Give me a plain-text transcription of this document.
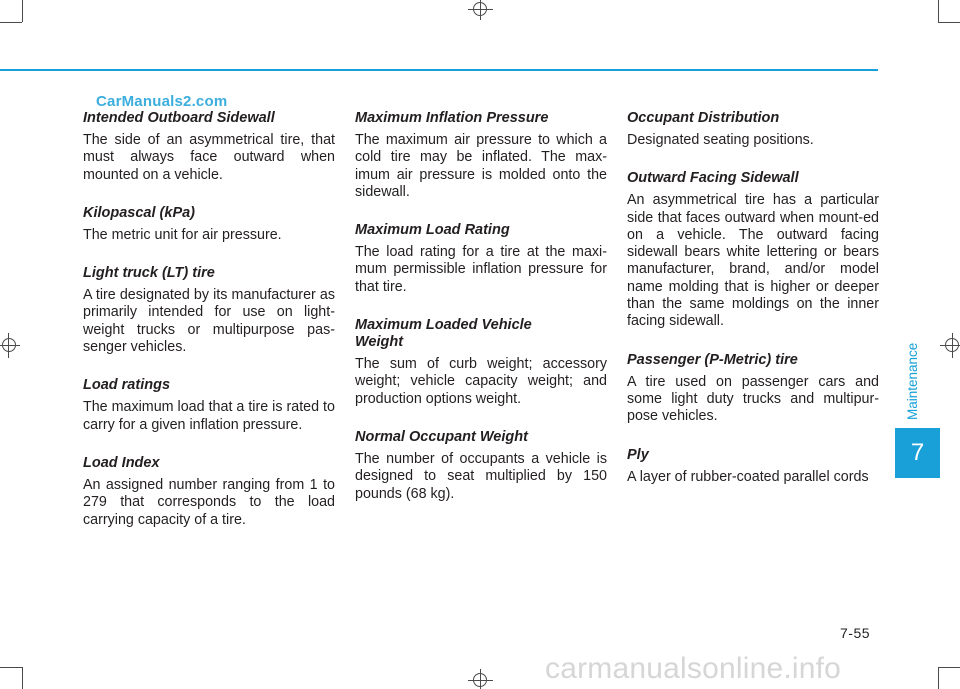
CarManuals2.com
Intended Outboard Sidewall
The side of an asymmetrical tire, that must always face outward when mounted on a vehicle.
Kilopascal (kPa)
The metric unit for air pressure.
Light truck (LT) tire
A tire designated by its manufacturer as primarily intended for use on light-weight trucks or multipurpose pas-senger vehicles.
Load ratings
The maximum load that a tire is rated to carry for a given inflation pressure.
Load Index
An assigned number ranging from 1 to 279 that corresponds to the load carrying capacity of a tire.
Maximum Inflation Pressure
The maximum air pressure to which a cold tire may be inflated. The max-imum air pressure is molded onto the sidewall.
Maximum Load Rating
The load rating for a tire at the maxi-mum permissible inflation pressure for that tire.
Maximum Loaded Vehicle Weight
The sum of curb weight; accessory weight; vehicle capacity weight; and production options weight.
Normal Occupant Weight
The number of occupants a vehicle is designed to seat multiplied by 150 pounds (68 kg).
Occupant Distribution
Designated seating positions.
Outward Facing Sidewall
An asymmetrical tire has a particular side that faces outward when mount-ed on a vehicle. The outward facing sidewall bears white lettering or bears manufacturer, brand, and/or model name molding that is higher or deeper than the same moldings on the inner facing sidewall.
Passenger (P-Metric) tire
A tire used on passenger cars and some light duty trucks and multipur-pose vehicles.
Ply
A layer of rubber-coated parallel cords
Maintenance
7
7-55
carmanualsonline.info
